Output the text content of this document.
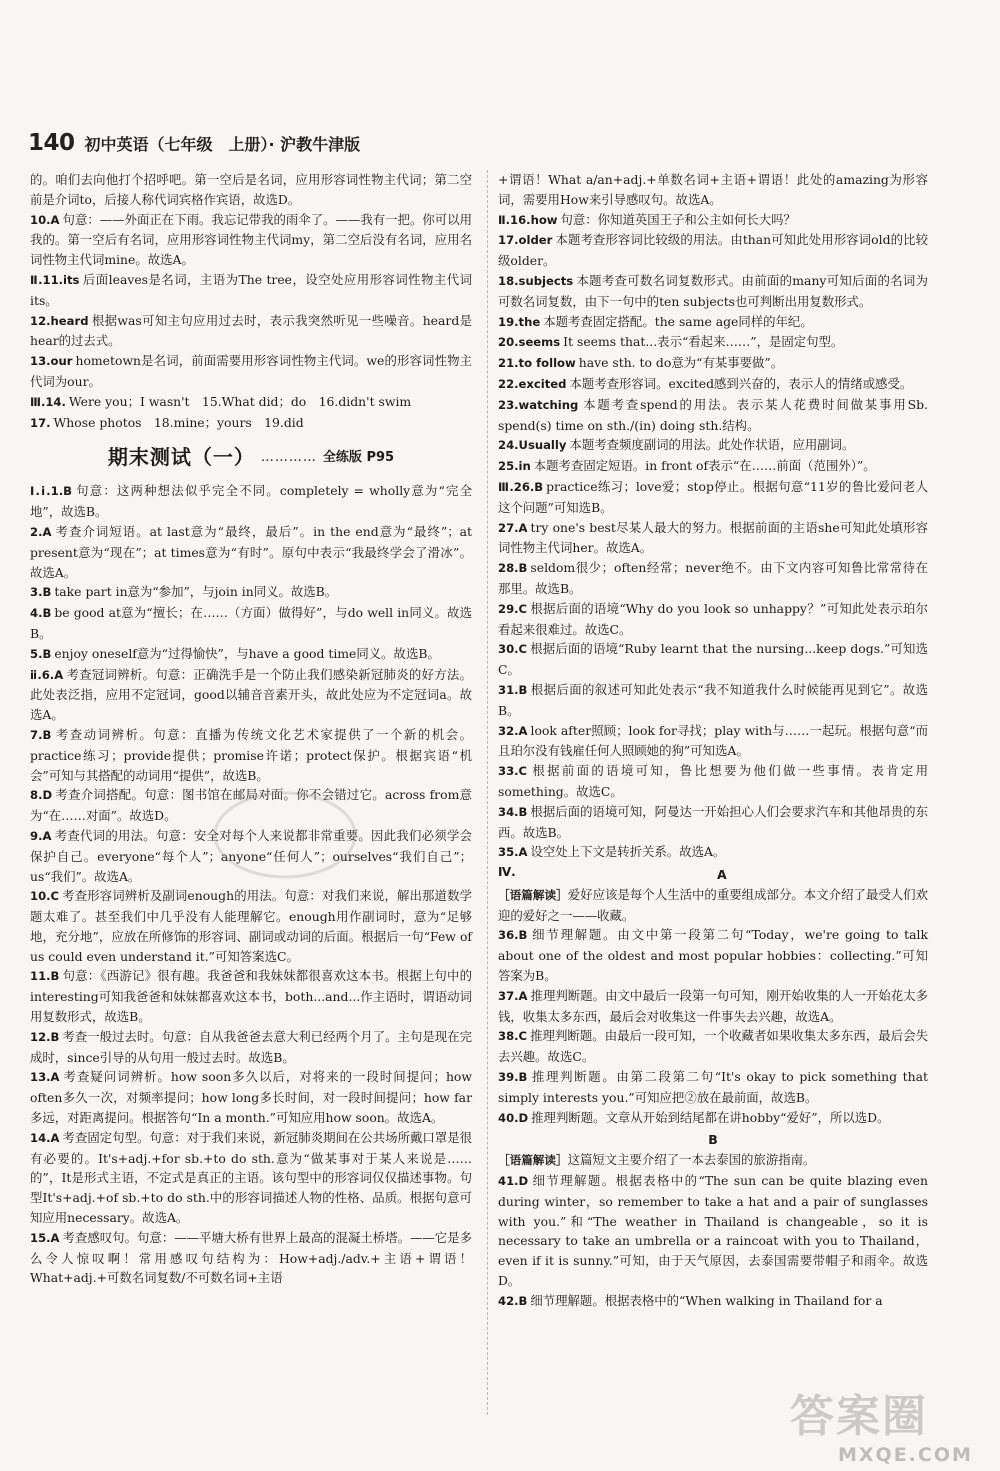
140 初中英语（七年级　上册）· 沪教牛津版

的。咱们去向他打个招呼吧。第一空后是名词，应用形容词性物主代词；第二空前是介词to，后接人称代词宾格作宾语，故选D。

10.A 句意：——外面正在下雨。我忘记带我的雨伞了。——我有一把。你可以用我的。第一空后有名词，应用形容词性物主代词my，第二空后没有名词，应用名词性物主代词mine。故选A。

Ⅱ.11.its 后面leaves是名词，主语为The tree，设空处应用形容词性物主代词its。

12.heard 根据was可知主句应用过去时，表示我突然听见一些噪音。heard是hear的过去式。

13.our hometown是名词，前面需要用形容词性物主代词。we的形容词性物主代词为our。

Ⅲ.14. Were you；I wasn't　15.What did；do　16.didn't swim

17. Whose photos　18.mine；yours　19.did

期末测试（一） ………… 全练版 P95

Ⅰ.ⅰ.1.B 句意：这两种想法似乎完全不同。completely = wholly意为“完全地”，故选B。

2.A 考查介词短语。at last意为“最终，最后”。in the end意为“最终”；at present意为“现在”；at times意为“有时”。原句中表示“我最终学会了滑冰”。故选A。

3.B take part in意为“参加”，与join in同义。故选B。

4.B be good at意为“擅长；在……（方面）做得好”，与do well in同义。故选B。

5.B enjoy oneself意为“过得愉快”，与have a good time同义。故选B。

ⅱ.6.A 考查冠词辨析。句意：正确洗手是一个防止我们感染新冠肺炎的好方法。此处表泛指，应用不定冠词，good以辅音音素开头，故此处应为不定冠词a。故选A。

7.B 考查动词辨析。句意：直播为传统文化艺术家提供了一个新的机会。practice练习；provide提供；promise许诺；protect保护。根据宾语“机会”可知与其搭配的动词用“提供”，故选B。

8.D 考查介词搭配。句意：图书馆在邮局对面。你不会错过它。across from意为“在……对面”。故选D。

9.A 考查代词的用法。句意：安全对每个人来说都非常重要。因此我们必须学会保护自己。everyone“每个人”；anyone“任何人”；ourselves“我们自己”；us“我们”。故选A。

10.C 考查形容词辨析及副词enough的用法。句意：对我们来说，解出那道数学题太难了。甚至我们中几乎没有人能理解它。enough用作副词时，意为“足够地，充分地”，应放在所修饰的形容词、副词或动词的后面。根据后一句“Few of us could even understand it.”可知答案选C。

11.B 句意：《西游记》很有趣。我爸爸和我妹妹都很喜欢这本书。根据上句中的interesting可知我爸爸和妹妹都喜欢这本书，both...and...作主语时，谓语动词用复数形式，故选B。

12.B 考查一般过去时。句意：自从我爸爸去意大利已经两个月了。主句是现在完成时，since引导的从句用一般过去时。故选B。

13.A 考查疑问词辨析。how soon多久以后，对将来的一段时间提问；how often多久一次，对频率提问；how long多长时间，对一段时间提问；how far多远，对距离提问。根据答句“In a month.”可知应用how soon。故选A。

14.A 考查固定句型。句意：对于我们来说，新冠肺炎期间在公共场所戴口罩是很有必要的。It's+adj.+for sb.+to do sth.意为“做某事对于某人来说是……的”，It是形式主语，不定式是真正的主语。该句型中的形容词仅仅描述事物。句型It's+adj.+of sb.+to do sth.中的形容词描述人物的性格、品质。根据句意可知应用necessary。故选A。

15.A 考查感叹句。句意：——平塘大桥有世界上最高的混凝土桥塔。——它是多么令人惊叹啊！常用感叹句结构为：How+adj./adv.+主语+谓语！What+adj.+可数名词复数/不可数名词+主语

+谓语！What a/an+adj.+单数名词+主语+谓语！此处的amazing为形容词，需要用How来引导感叹句。故选A。

Ⅱ.16.how 句意：你知道英国王子和公主如何长大吗？

17.older 本题考查形容词比较级的用法。由than可知此处用形容词old的比较级older。

18.subjects 本题考查可数名词复数形式。由前面的many可知后面的名词为可数名词复数，由下一句中的ten subjects也可判断出用复数形式。

19.the 本题考查固定搭配。the same age同样的年纪。

20.seems It seems that...表示“看起来……”，是固定句型。

21.to follow have sth. to do意为“有某事要做”。

22.excited 本题考查形容词。excited感到兴奋的，表示人的情绪或感受。

23.watching 本题考查spend的用法。表示某人花费时间做某事用Sb. spend(s) time on sth./(in) doing sth.结构。

24.Usually 本题考查频度副词的用法。此处作状语，应用副词。

25.in 本题考查固定短语。in front of表示“在……前面（范围外）”。

Ⅲ.26.B practice练习；love爱；stop停止。根据句意“11岁的鲁比爱问老人这个问题”可知选B。

27.A try one's best尽某人最大的努力。根据前面的主语she可知此处填形容词性物主代词her。故选A。

28.B seldom很少；often经常；never绝不。由下文内容可知鲁比常常待在那里。故选B。

29.C 根据后面的语境“Why do you look so unhappy？”可知此处表示珀尔看起来很难过。故选C。

30.C 根据后面的语境“Ruby learnt that the nursing...keep dogs.”可知选C。

31.B 根据后面的叙述可知此处表示“我不知道我什么时候能再见到它”。故选B。

32.A look after照顾；look for寻找；play with与……一起玩。根据句意“而且珀尔没有钱雇任何人照顾她的狗”可知选A。

33.C 根据前面的语境可知，鲁比想要为他们做一些事情。表肯定用something。故选C。

34.B 根据后面的语境可知，阿曼达一开始担心人们会要求汽车和其他昂贵的东西。故选B。

35.A 设空处上下文是转折关系。故选A。

Ⅳ.	A

［语篇解读］爱好应该是每个人生活中的重要组成部分。本文介绍了最受人们欢迎的爱好之一——收藏。

36.B 细节理解题。由文中第一段第二句“Today，we're going to talk about one of the oldest and most popular hobbies：collecting.”可知答案为B。

37.A 推理判断题。由文中最后一段第一句可知，刚开始收集的人一开始花太多钱，收集太多东西，最后会对收集这一件事失去兴趣，故选A。

38.C 推理判断题。由最后一段可知，一个收藏者如果收集太多东西，最后会失去兴趣。故选C。

39.B 推理判断题。由第二段第二句“It's okay to pick something that simply interests you.”可知应把②放在最前面，故选B。

40.D 推理判断题。文章从开始到结尾都在讲hobby“爱好”，所以选D。

B

［语篇解读］这篇短文主要介绍了一本去泰国的旅游指南。

41.D 细节理解题。根据表格中的“The sun can be quite blazing even during winter，so remember to take a hat and a pair of sunglasses with you.”和“The weather in Thailand is changeable，so it is necessary to take an umbrella or a raincoat with you to Thailand，even if it is sunny.”可知，由于天气原因，去泰国需要带帽子和雨伞。故选D。

42.B 细节理解题。根据表格中的“When walking in Thailand for a

答案圈
MXQE.COM
